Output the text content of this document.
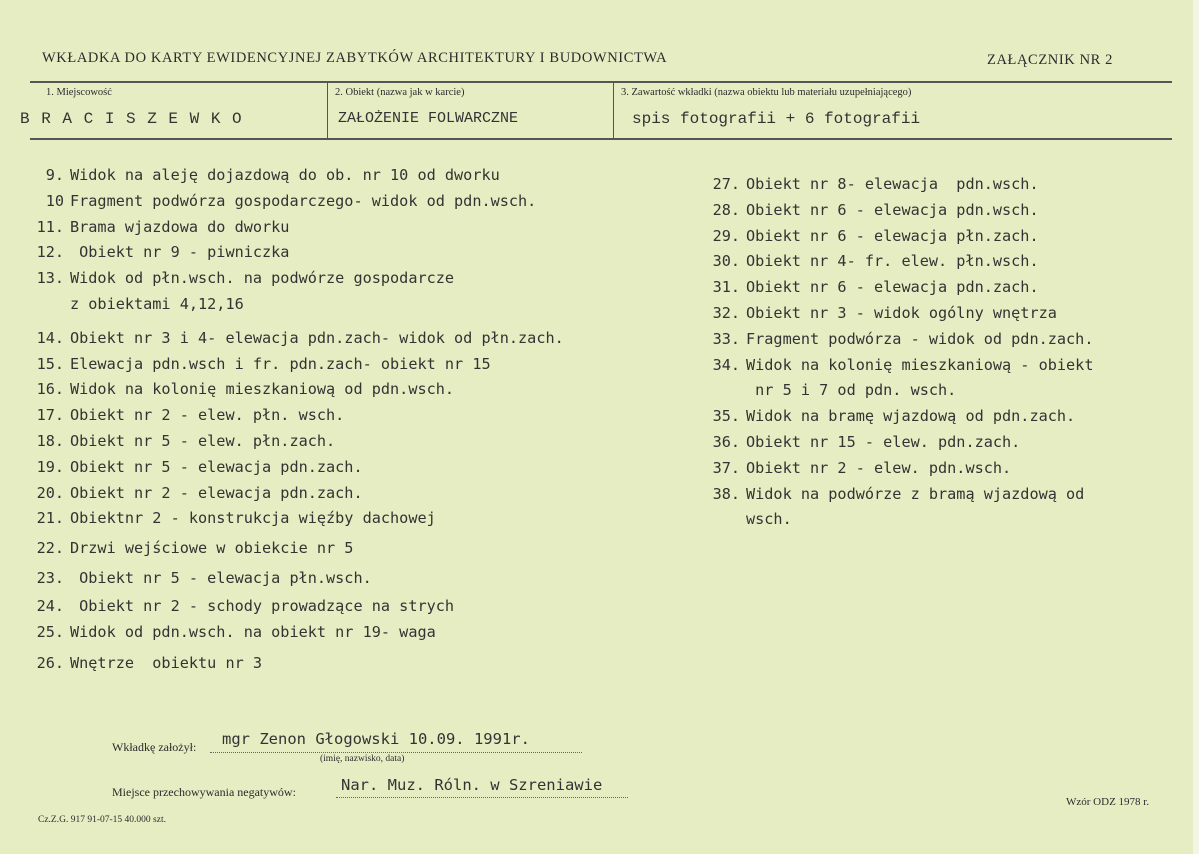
WKŁADKA DO KARTY EWIDENCYJNEJ ZABYTKÓW ARCHITEKTURY I BUDOWNICTWA	ZAŁĄCZNIK NR 2
1. Miejscowość	2. Obiekt (nazwa jak w karcie)	3. Zawartość wkładki (nazwa obiektu lub materiału uzupełniającego)
B R A C I S Z E W K O	ZAŁOŻENIE FOLWARCZNE	spis fotografii + 6 fotografii
9. Widok na aleję dojazdową do ob. nr 10 od dworku
10 Fragment podwórza gospodarczego- widok od pdn.wsch.
11. Brama wjazdowa do dworku
12. Obiekt nr 9 - piwniczka
13. Widok od płn.wsch. na podwórze gospodarcze
z obiektami 4,12,16
14. Obiekt nr 3 i 4- elewacja pdn.zach- widok od płn.zach.
15. Elewacja pdn.wsch i fr. pdn.zach- obiekt nr 15
16. Widok na kolonię mieszkaniową od pdn.wsch.
17. Obiekt nr 2 - elew. płn. wsch.
18. Obiekt nr 5 - elew. płn.zach.
19. Obiekt nr 5 - elewacja pdn.zach.
20. Obiekt nr 2 - elewacja pdn.zach.
21. Obiektnr 2 - konstrukcja więźby dachowej
22. Drzwi wejściowe w obiekcie nr 5
23. Obiekt nr 5 - elewacja płn.wsch.
24. Obiekt nr 2 - schody prowadzące na strych
25. Widok od pdn.wsch. na obiekt nr 19- waga
26. Wnętrze  obiektu nr 3
27. Obiekt nr 8- elewacja  pdn.wsch.
28. Obiekt nr 6 - elewacja pdn.wsch.
29. Obiekt nr 6 - elewacja płn.zach.
30. Obiekt nr 4- fr. elew. płn.wsch.
31. Obiekt nr 6 - elewacja pdn.zach.
32. Obiekt nr 3 - widok ogólny wnętrza
33. Fragment podwórza - widok od pdn.zach.
34. Widok na kolonię mieszkaniową - obiekt
nr 5 i 7 od pdn. wsch.
35. Widok na bramę wjazdową od pdn.zach.
36. Obiekt nr 15 - elew. pdn.zach.
37. Obiekt nr 2 - elew. pdn.wsch.
38. Widok na podwórze z bramą wjazdową od
wsch.
Wkładkę założył: mgr Zenon Głogowski 10.09. 1991r.
(imię, nazwisko, data)
Miejsce przechowywania negatywów:	Nar. Muz. Róln. w Szreniawie
Cz.Z.G. 917 91-07-15 40.000 szt.
Wzór ODZ 1978 r.
